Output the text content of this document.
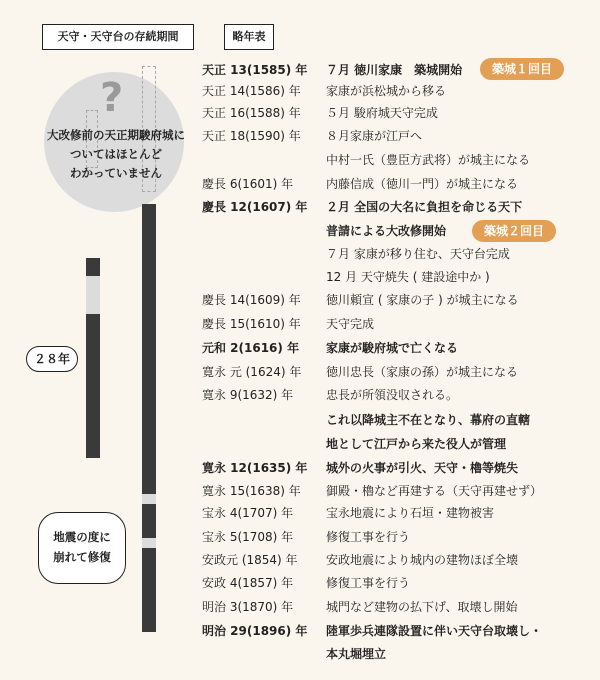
天守・天守台の存続期間	略年表
?
大改修前の天正期駿府城に
ついてはほとんど
わかっていません
２８年
地震の度に
崩れて修復
天正 13(1585) 年	７月 徳川家康　築城開始
天正 14(1586) 年	家康が浜松城から移る
天正 16(1588) 年	５月 駿府城天守完成
天正 18(1590) 年	８月家康が江戸へ
中村一氏（豊臣方武将）が城主になる
慶長 6(1601) 年	内藤信成（徳川一門）が城主になる
慶長 12(1607) 年	２月 全国の大名に負担を命じる天下
普請による大改修開始
７月 家康が移り住む、天守台完成
12 月 天守焼失 ( 建設途中か )
慶長 14(1609) 年	徳川頼宣 ( 家康の子 ) が城主になる
慶長 15(1610) 年	天守完成
元和 2(1616) 年	家康が駿府城で亡くなる
寛永 元 (1624) 年	徳川忠長（家康の孫）が城主になる
寛永 9(1632) 年	忠長が所領没収される。
これ以降城主不在となり、幕府の直轄
地として江戸から来た役人が管理
寛永 12(1635) 年	城外の火事が引火、天守・櫓等焼失
寛永 15(1638) 年	御殿・櫓など再建する（天守再建せず）
宝永 4(1707) 年	宝永地震により石垣・建物被害
宝永 5(1708) 年	修復工事を行う
安政元 (1854) 年	安政地震により城内の建物ほぼ全壊
安政 4(1857) 年	修復工事を行う
明治 3(1870) 年	城門など建物の払下げ、取壊し開始
明治 29(1896) 年	陸軍歩兵連隊設置に伴い天守台取壊し・
本丸堀埋立
築城１回目
築城２回目
